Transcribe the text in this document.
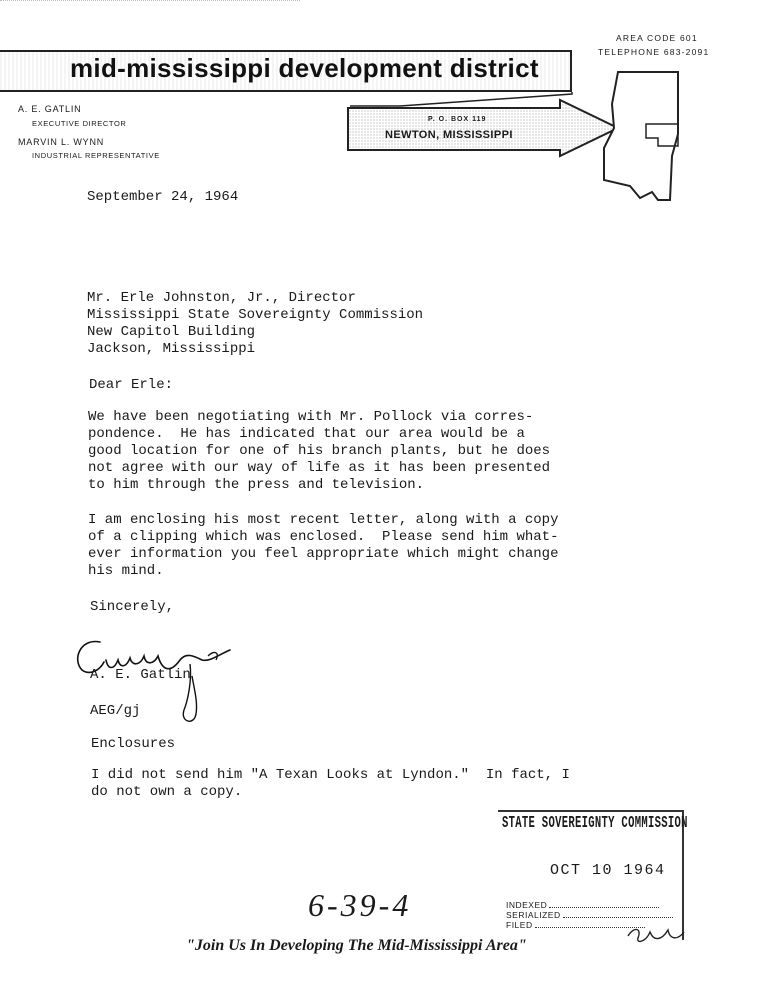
mid-mississippi development district
AREA CODE 601
TELEPHONE 683-2091
A. E. GATLIN
EXECUTIVE DIRECTOR
MARVIN L. WYNN
INDUSTRIAL REPRESENTATIVE
P. O. BOX 119
NEWTON, MISSISSIPPI
September 24, 1964
Mr. Erle Johnston, Jr., Director
Mississippi State Sovereignty Commission
New Capitol Building
Jackson, Mississippi
Dear Erle:
We have been negotiating with Mr. Pollock via corres-
pondence.  He has indicated that our area would be a
good location for one of his branch plants, but he does
not agree with our way of life as it has been presented
to him through the press and television.
I am enclosing his most recent letter, along with a copy
of a clipping which was enclosed.  Please send him what-
ever information you feel appropriate which might change
his mind.
Sincerely,
A. E. Gatlin
AEG/gj
Enclosures
I did not send him "A Texan Looks at Lyndon."  In fact, I
do not own a copy.
STATE SOVEREIGNTY COMMISSION
OCT 10 1964
INDEXED
SERIALIZED
FILED
6-39-4
"Join Us In Developing The Mid-Mississippi Area"
